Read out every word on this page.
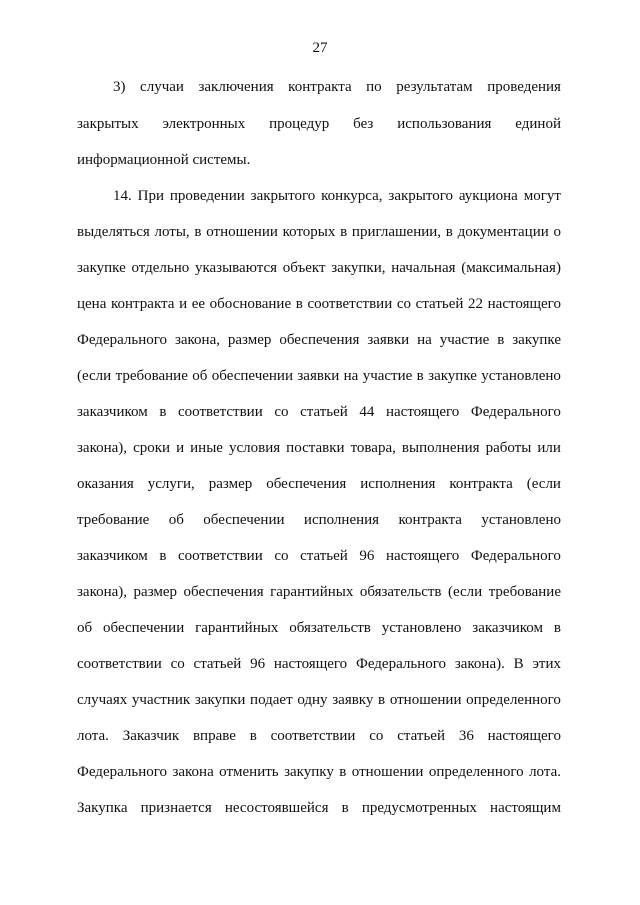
27
3) случаи заключения контракта по результатам проведения
закрытых электронных процедур без использования единой
информационной системы.
14. При проведении закрытого конкурса, закрытого аукциона могут
выделяться лоты, в отношении которых в приглашении, в документации о
закупке отдельно указываются объект закупки, начальная (максимальная)
цена контракта и ее обоснование в соответствии со статьей 22 настоящего
Федерального закона, размер обеспечения заявки на участие в закупке
(если требование об обеспечении заявки на участие в закупке установлено
заказчиком в соответствии со статьей 44 настоящего Федерального
закона), сроки и иные условия поставки товара, выполнения работы или
оказания услуги, размер обеспечения исполнения контракта (если
требование об обеспечении исполнения контракта установлено
заказчиком в соответствии со статьей 96 настоящего Федерального
закона), размер обеспечения гарантийных обязательств (если требование
об обеспечении гарантийных обязательств установлено заказчиком в
соответствии со статьей 96 настоящего Федерального закона). В этих
случаях участник закупки подает одну заявку в отношении определенного
лота. Заказчик вправе в соответствии со статьей 36 настоящего
Федерального закона отменить закупку в отношении определенного лота.
Закупка признается несостоявшейся в предусмотренных настоящим
